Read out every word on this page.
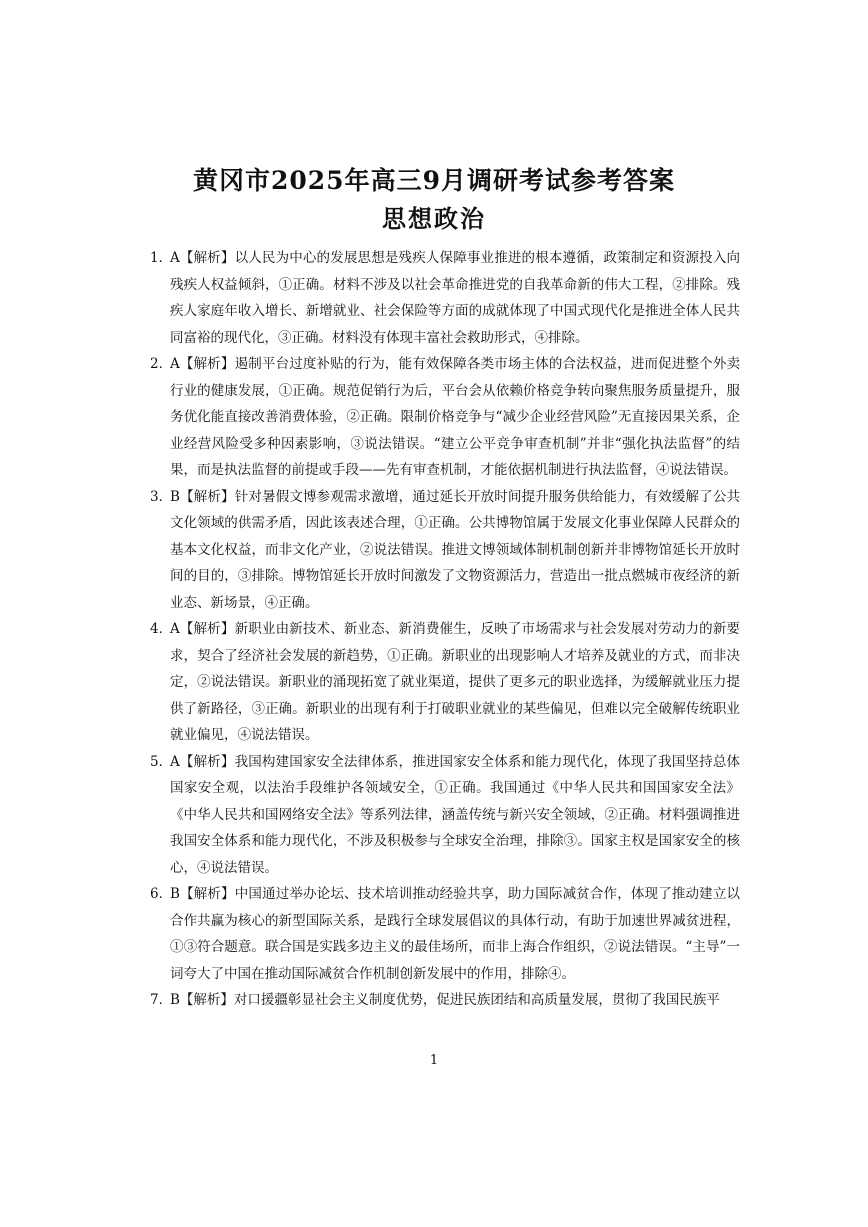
黄冈市2025年高三9月调研考试参考答案
思想政治
1．
A【解析】以人民为中心的发展思想是残疾人保障事业推进的根本遵循，政策制定和资源投入向残疾人权益倾斜，①正确。材料不涉及以社会革命推进党的自我革命新的伟大工程，②排除。残疾人家庭年收入增长、新增就业、社会保险等方面的成就体现了中国式现代化是推进全体人民共同富裕的现代化，③正确。材料没有体现丰富社会救助形式，④排除。
2．
A【解析】遏制平台过度补贴的行为，能有效保障各类市场主体的合法权益，进而促进整个外卖行业的健康发展，①正确。规范促销行为后，平台会从依赖价格竞争转向聚焦服务质量提升，服务优化能直接改善消费体验，②正确。限制价格竞争与“减少企业经营风险”无直接因果关系，企业经营风险受多种因素影响，③说法错误。“建立公平竞争审查机制”并非“强化执法监督”的结果，而是执法监督的前提或手段——先有审查机制，才能依据机制进行执法监督，④说法错误。
3．
B【解析】针对暑假文博参观需求激增，通过延长开放时间提升服务供给能力，有效缓解了公共文化领域的供需矛盾，因此该表述合理，①正确。公共博物馆属于发展文化事业保障人民群众的基本文化权益，而非文化产业，②说法错误。推进文博领域体制机制创新并非博物馆延长开放时间的目的，③排除。博物馆延长开放时间激发了文物资源活力，营造出一批点燃城市夜经济的新业态、新场景，④正确。
4．
A【解析】新职业由新技术、新业态、新消费催生，反映了市场需求与社会发展对劳动力的新要求，契合了经济社会发展的新趋势，①正确。新职业的出现影响人才培养及就业的方式，而非决定，②说法错误。新职业的涌现拓宽了就业渠道，提供了更多元的职业选择，为缓解就业压力提供了新路径，③正确。新职业的出现有利于打破职业就业的某些偏见，但难以完全破解传统职业就业偏见，④说法错误。
5．
A【解析】我国构建国家安全法律体系，推进国家安全体系和能力现代化，体现了我国坚持总体国家安全观，以法治手段维护各领域安全，①正确。我国通过《中华人民共和国国家安全法》《中华人民共和国网络安全法》等系列法律，涵盖传统与新兴安全领域，②正确。材料强调推进我国安全体系和能力现代化，不涉及积极参与全球安全治理，排除③。国家主权是国家安全的核心，④说法错误。
6．
B【解析】中国通过举办论坛、技术培训推动经验共享，助力国际减贫合作，体现了推动建立以合作共赢为核心的新型国际关系，是践行全球发展倡议的具体行动，有助于加速世界减贫进程，①③符合题意。联合国是实践多边主义的最佳场所，而非上海合作组织，②说法错误。“主导”一词夸大了中国在推动国际减贫合作机制创新发展中的作用，排除④。
7．
B【解析】对口援疆彰显社会主义制度优势，促进民族团结和高质量发展，贯彻了我国民族平
1
